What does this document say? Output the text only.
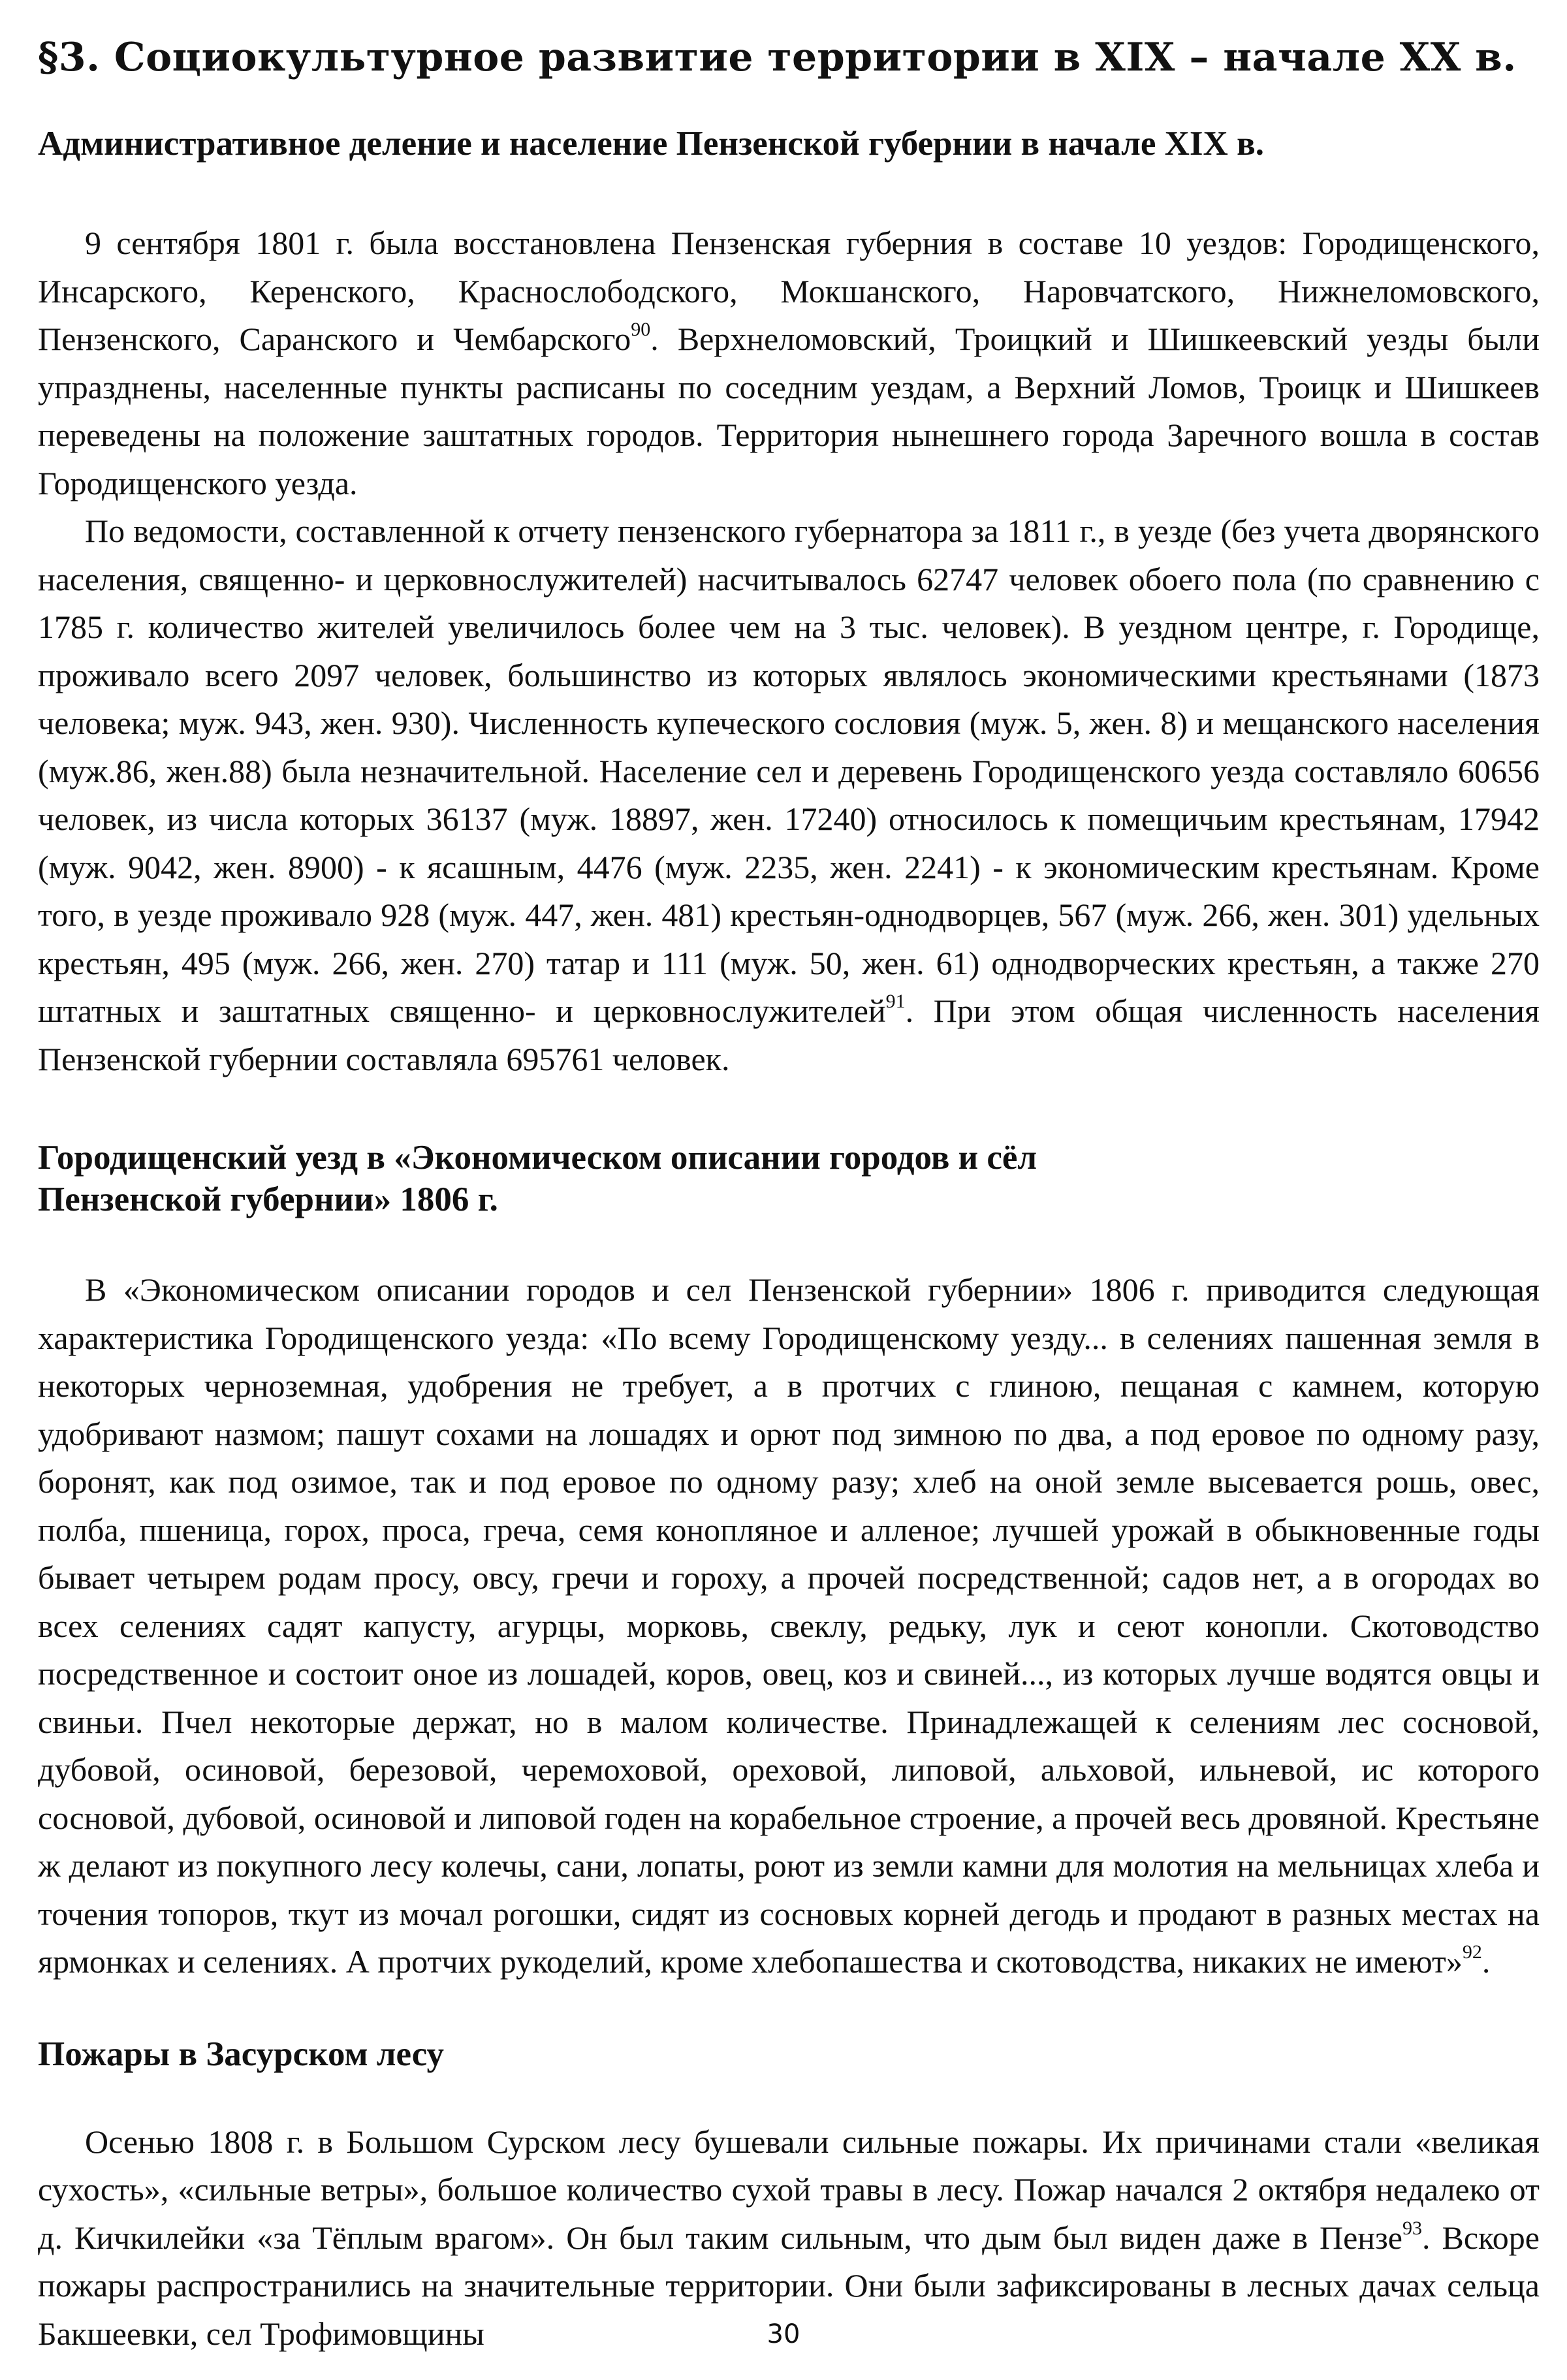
§3. Социокультурное развитие территории в XIX – начале XX в.
Административное деление и население Пензенской губернии в начале XIX в.

9 сентября 1801 г. была восстановлена Пензенская губерния в составе 10 уездов: Городищенского, Инсарского, Керенского, Краснослободского, Мокшанского, Наровчатского, Нижнеломовского, Пензенского, Саранского и Чембарского$^{90}$. Верхнеломовский, Троицкий и Шишкеевский уезды были упразднены, населенные пункты расписаны по соседним уездам, а Верхний Ломов, Троицк и Шишкеев переведены на положение заштатных городов. Территория нынешнего города Заречного вошла в состав Городищенского уезда.

По ведомости, составленной к отчету пензенского губернатора за 1811 г., в уезде (без учета дворянского населения, священно- и церковнослужителей) насчитывалось 62747 человек обоего пола (по сравнению с 1785 г. количество жителей увеличилось более чем на 3 тыс. человек). В уездном центре, г. Городище, проживало всего 2097 человек, большинство из которых являлось экономическими крестьянами (1873 человека; муж. 943, жен. 930). Численность купеческого сословия (муж. 5, жен. 8) и мещанского населения (муж.86, жен.88) была незначительной. Население сел и деревень Городищенского уезда составляло 60656 человек, из числа которых 36137 (муж. 18897, жен. 17240) относилось к помещичьим крестьянам, 17942 (муж. 9042, жен. 8900) - к ясашным, 4476 (муж. 2235, жен. 2241) - к экономическим крестьянам. Кроме того, в уезде проживало 928 (муж. 447, жен. 481) крестьян-однодворцев, 567 (муж. 266, жен. 301) удельных крестьян, 495 (муж. 266, жен. 270) татар и 111 (муж. 50, жен. 61) однодворческих крестьян, а также 270 штатных и заштатных священно- и церковнослужителей$^{91}$. При этом общая численность населения Пензенской губернии составляла 695761 человек.

Городищенский уезд в «Экономическом описании городов и сёл
Пензенской губернии» 1806 г.

В «Экономическом описании городов и сел Пензенской губернии» 1806 г. приводится следующая характеристика Городищенского уезда: «По всему Городищенскому уезду... в селениях пашенная земля в некоторых черноземная, удобрения не требует, а в протчих с глиною, пещаная с камнем, которую удобривают назмом; пашут сохами на лошадях и орют под зимною по два, а под еровое по одному разу, боронят, как под озимое, так и под еровое по одному разу; хлеб на оной земле высевается рошь, овес, полба, пшеница, горох, проса, греча, семя конопляное и алленое; лучшей урожай в обыкновенные годы бывает четырем родам просу, овсу, гречи и гороху, а прочей посредственной; садов нет, а в огородах во всех селениях садят капусту, агурцы, морковь, свеклу, редьку, лук и сеют конопли. Скотоводство посредственное и состоит оное из лошадей, коров, овец, коз и свиней..., из которых лучше водятся овцы и свиньи. Пчел некоторые держат, но в малом количестве. Принадлежащей к селениям лес сосновой, дубовой, осиновой, березовой, черемоховой, ореховой, липовой, альховой, ильневой, ис которого сосновой, дубовой, осиновой и липовой годен на корабельное строение, а прочей весь дровяной. Крестьяне ж делают из покупного лесу колечы, сани, лопаты, роют из земли камни для молотия на мельницах хлеба и точения топоров, ткут из мочал рогошки, сидят из сосновых корней дегодь и продают в разных местах на ярмонках и селениях. А протчих рукоделий, кроме хлебопашества и скотоводства, никаких не имеют»$^{92}$.

Пожары в Засурском лесу

Осенью 1808 г. в Большом Сурском лесу бушевали сильные пожары. Их причинами стали «великая сухость», «сильные ветры», большое количество сухой травы в лесу. Пожар начался 2 октября недалеко от д. Кичкилейки «за Тёплым врагом». Он был таким сильным, что дым был виден даже в Пензе$^{93}$. Вскоре пожары распространились на значительные территории. Они были зафиксированы в лесных дачах сельца Бакшеевки, сел Трофимовщины	30
